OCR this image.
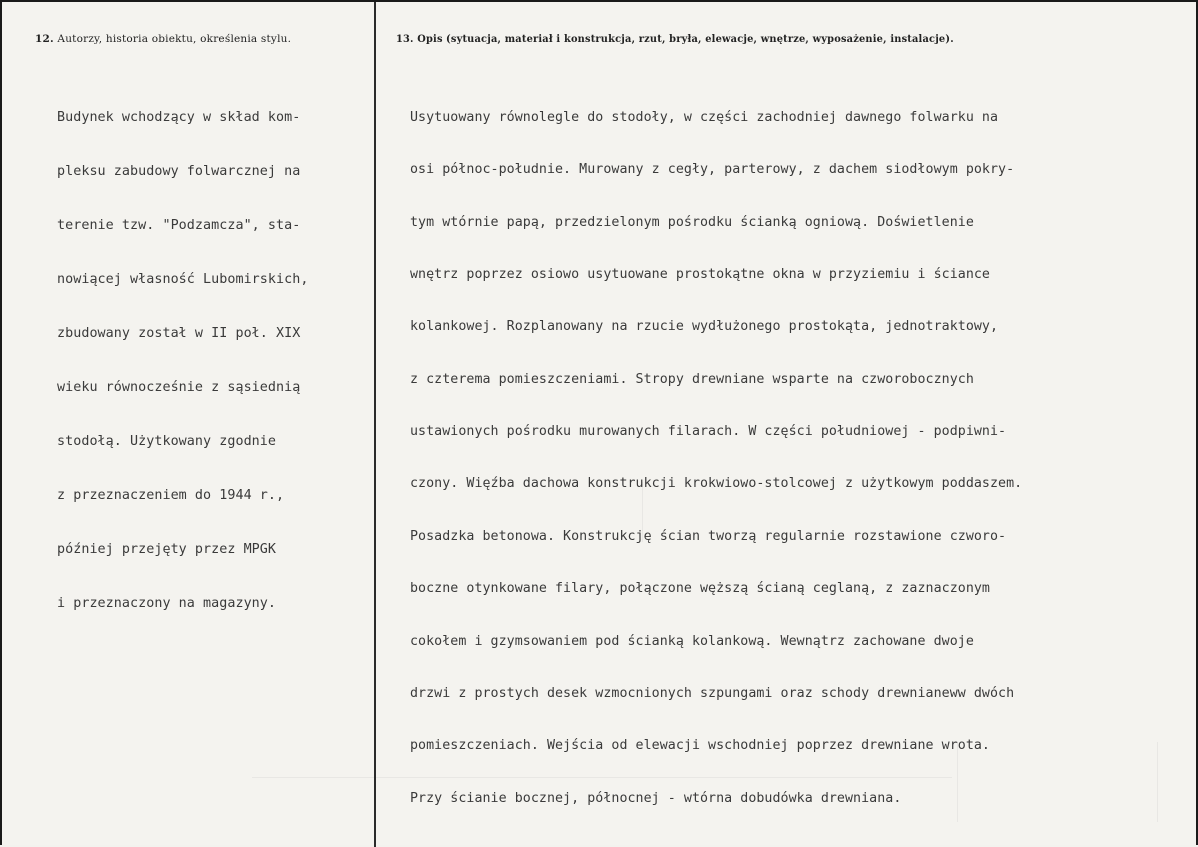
12. Autorzy, historia obiektu, określenia stylu.	13. Opis (sytuacja, materiał i konstrukcja, rzut, bryła, elewacje, wnętrze, wyposażenie, instalacje).

Budynek wchodzący w skład kom-

pleksu zabudowy folwarcznej na

terenie tzw. "Podzamcza", sta-

nowiącej własność Lubomirskich,

zbudowany został w II poł. XIX

wieku równocześnie z sąsiednią

stodołą. Użytkowany zgodnie

z przeznaczeniem do 1944 r.,

później przejęty przez MPGK

i przeznaczony na magazyny.

Usytuowany równolegle do stodoły, w części zachodniej dawnego folwarku na

osi północ-południe. Murowany z cegły, parterowy, z dachem siodłowym pokry-

tym wtórnie papą, przedzielonym pośrodku ścianką ogniową. Doświetlenie

wnętrz poprzez osiowo usytuowane prostokątne okna w przyziemiu i ściance

kolankowej. Rozplanowany na rzucie wydłużonego prostokąta, jednotraktowy,

z czterema pomieszczeniami. Stropy drewniane wsparte na czworobocznych

ustawionych pośrodku murowanych filarach. W części południowej - podpiwni-

czony. Więźba dachowa konstrukcji krokwiowo-stolcowej z użytkowym poddaszem.

Posadzka betonowa. Konstrukcję ścian tworzą regularnie rozstawione czworo-

boczne otynkowane filary, połączone węższą ścianą ceglaną, z zaznaczonym

cokołem i gzymsowaniem pod ścianką kolankową. Wewnątrz zachowane dwoje

drzwi z prostych desek wzmocnionych szpungami oraz schody drewnianeww dwóch

pomieszczeniach. Wejścia od elewacji wschodniej poprzez drewniane wrota.

Przy ścianie bocznej, północnej - wtórna dobudówka drewniana.
